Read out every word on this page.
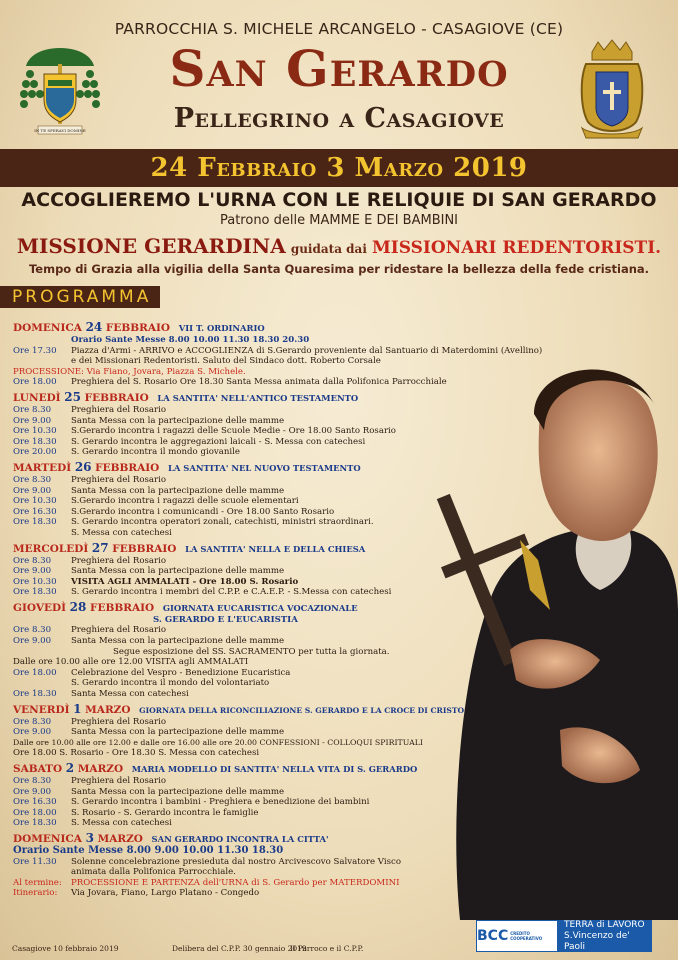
IN TE SPERAVI DOMINE
PARROCCHIA S. MICHELE ARCANGELO - CASAGIOVE (CE)
San Gerardo
Pellegrino a Casagiove
24 Febbraio 3 Marzo 2019
ACCOGLIEREMO L'URNA CON LE RELIQUIE DI SAN GERARDO
Patrono delle MAMME E DEI BAMBINI
MISSIONE GERARDINA guidata dai MISSIONARI REDENTORISTI.
Tempo di Grazia alla vigilia della Santa Quaresima per ridestare la bellezza della fede cristiana.
PROGRAMMA
DOMENICA 24 FEBBRAIO VII T. ORDINARIO
Orario Sante Messe 8.00 10.00 11.30 18.30 20.30
Ore 17.30	Piazza d'Armi - ARRIVO e ACCOGLIENZA di S.Gerardo proveniente dal Santuario di Materdomini (Avellino)
e dei Missionari Redentoristi. Saluto del Sindaco dott. Roberto Corsale
PROCESSIONE: Via Fiano, Jovara, Piazza S. Michele.
Ore 18.00	Preghiera del S. Rosario Ore 18.30 Santa Messa animata dalla Polifonica Parrocchiale
LUNEDÌ 25 FEBBRAIO LA SANTITA' NELL'ANTICO TESTAMENTO
Ore 8.30	Preghiera del Rosario
Ore 9.00	Santa Messa con la partecipazione delle mamme
Ore 10.30	S.Gerardo incontra i ragazzi delle Scuole Medie - Ore 18.00 Santo Rosario
Ore 18.30	S. Gerardo incontra le aggregazioni laicali - S. Messa con catechesi
Ore 20.00	S. Gerardo incontra il mondo giovanile
MARTEDÌ 26 FEBBRAIO LA SANTITA' NEL NUOVO TESTAMENTO
Ore 8.30	Preghiera del Rosario
Ore 9.00	Santa Messa con la partecipazione delle mamme
Ore 10.30	S.Gerardo incontra i ragazzi delle scuole elementari
Ore 16.30	S.Gerardo incontra i comunicandi - Ore 18.00 Santo Rosario
Ore 18.30	S. Gerardo incontra operatori zonali, catechisti, ministri straordinari.
S. Messa con catechesi
MERCOLEDÌ 27 FEBBRAIO LA SANTITA' NELLA E DELLA CHIESA
Ore 8.30	Preghiera del Rosario
Ore 9.00	Santa Messa con la partecipazione delle mamme
Ore 10.30	VISITA AGLI AMMALATI - Ore 18.00 S. Rosario
Ore 18.30	S. Gerardo incontra i membri del C.P.P. e C.A.E.P. - S.Messa con catechesi
GIOVEDÌ 28 FEBBRAIO GIORNATA EUCARISTICA VOCAZIONALE
S. GERARDO E L'EUCARISTIA
Ore 8.30	Preghiera del Rosario
Ore 9.00	Santa Messa con la partecipazione delle mamme
Segue esposizione del SS. SACRAMENTO per tutta la giornata.
Dalle ore 10.00 alle ore 12.00 VISITA agli AMMALATI
Ore 18.00	Celebrazione del Vespro - Benedizione Eucaristica
S. Gerardo incontra il mondo del volontariato
Ore 18.30	Santa Messa con catechesi
VENERDÌ 1 MARZO GIORNATA DELLA RICONCILIAZIONE S. GERARDO E LA CROCE DI CRISTO
Ore 8.30	Preghiera del Rosario
Ore 9.00	Santa Messa con la partecipazione delle mamme
Dalle ore 10.00 alle ore 12.00 e dalle ore 16.00 alle ore 20.00 CONFESSIONI - COLLOQUI SPIRITUALI
Ore 18.00 S. Rosario - Ore 18.30 S. Messa con catechesi
SABATO 2 MARZO MARIA MODELLO DI SANTITA' NELLA VITA DI S. GERARDO
Ore 8.30	Preghiera del Rosario
Ore 9.00	Santa Messa con la partecipazione delle mamme
Ore 16.30	S. Gerardo incontra i bambini - Preghiera e benedizione dei bambini
Ore 18.00	S. Rosario - S. Gerardo incontra le famiglie
Ore 18.30	S. Messa con catechesi
DOMENICA 3 MARZO SAN GERARDO INCONTRA LA CITTA'
Orario Sante Messe 8.00 9.00 10.00 11.30 18.30
Ore 11.30	Solenne concelebrazione presieduta dal nostro Arcivescovo Salvatore Visco
animata dalla Polifonica Parrocchiale.
Al termine:	PROCESSIONE E PARTENZA dell'URNA di S. Gerardo per MATERDOMINI
Itinerario:	Via Jovara, Fiano, Largo Platano - Congedo
BCC CREDITO COOPERATIVO
TERRA di LAVORO
S.Vincenzo de' Paoli
Casagiove 10 febbraio 2019	Delibera del C.P.P. 30 gennaio 2019
Il Parroco e il C.P.P.
